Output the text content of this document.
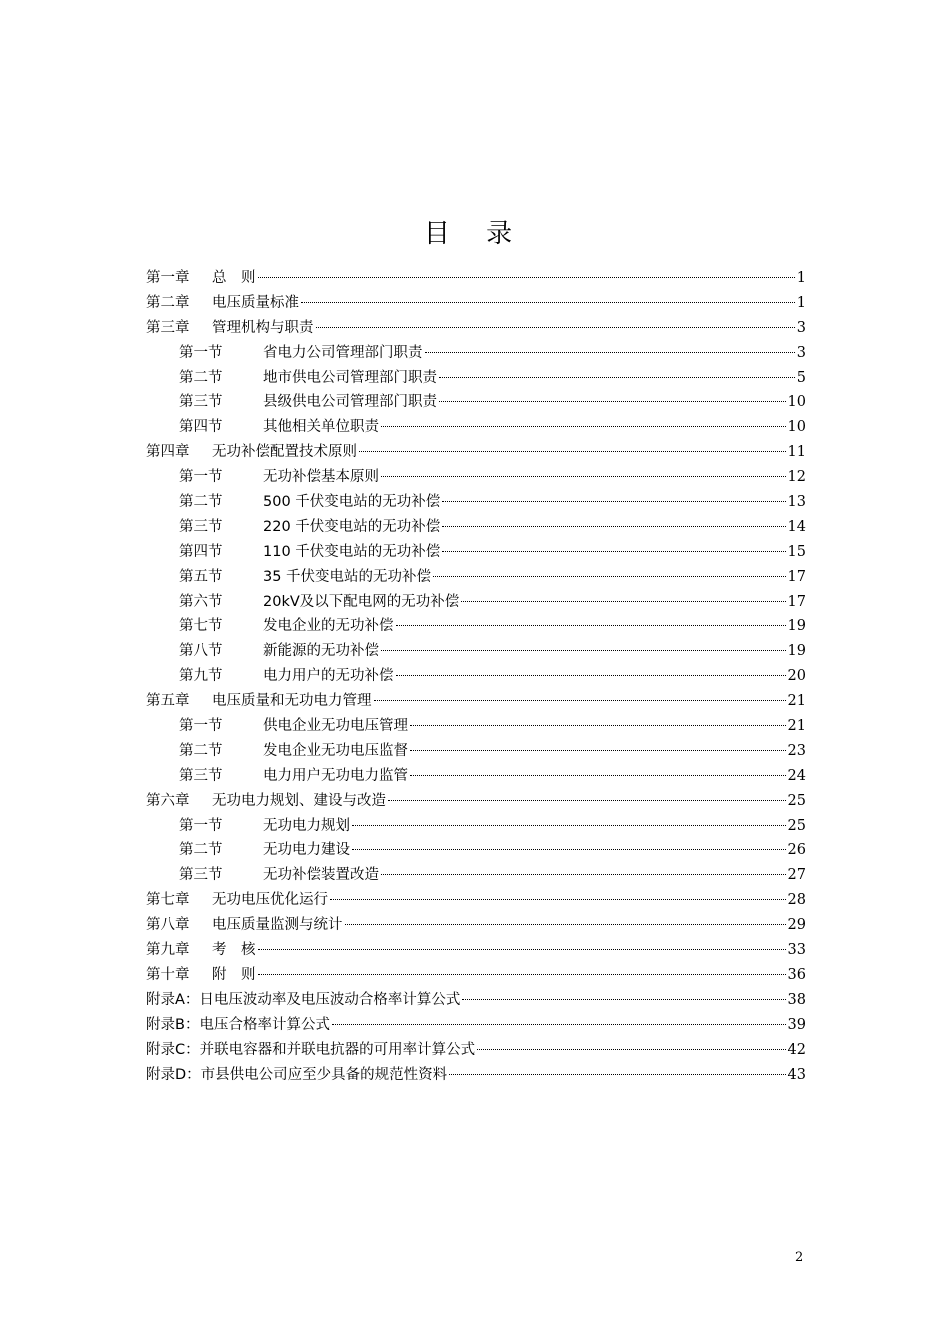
目 录
第一章	总　则	1
第二章	电压质量标准	1
第三章	管理机构与职责	3
第一节	省电力公司管理部门职责	3
第二节	地市供电公司管理部门职责	5
第三节	县级供电公司管理部门职责	10
第四节	其他相关单位职责	10
第四章	无功补偿配置技术原则	11
第一节	无功补偿基本原则	12
第二节	500 千伏变电站的无功补偿	13
第三节	220 千伏变电站的无功补偿	14
第四节	110 千伏变电站的无功补偿	15
第五节	35 千伏变电站的无功补偿	17
第六节	20kV及以下配电网的无功补偿	17
第七节	发电企业的无功补偿	19
第八节	新能源的无功补偿	19
第九节	电力用户的无功补偿	20
第五章	电压质量和无功电力管理	21
第一节	供电企业无功电压管理	21
第二节	发电企业无功电压监督	23
第三节	电力用户无功电力监管	24
第六章	无功电力规划、建设与改造	25
第一节	无功电力规划	25
第二节	无功电力建设	26
第三节	无功补偿装置改造	27
第七章	无功电压优化运行	28
第八章	电压质量监测与统计	29
第九章	考　核	33
第十章	附　则	36
附录A： 日电压波动率及电压波动合格率计算公式	38
附录B： 电压合格率计算公式	39
附录C： 并联电容器和并联电抗器的可用率计算公式	42
附录D： 市县供电公司应至少具备的规范性资料	43
2
